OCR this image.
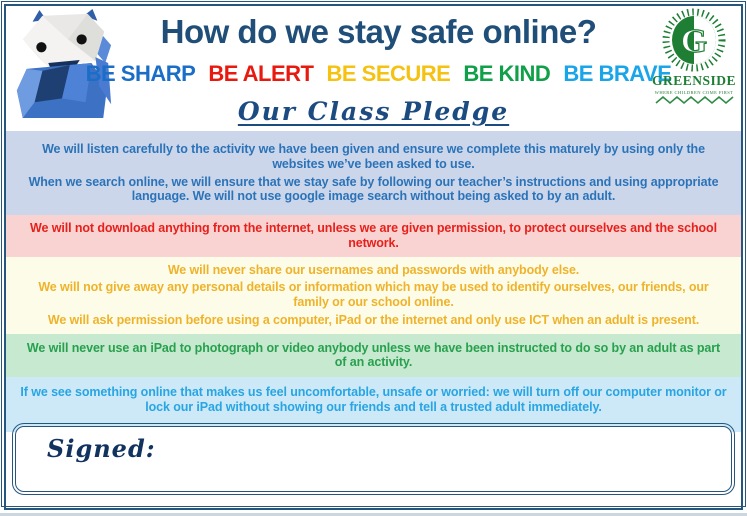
How do we stay safe online?
BE SHARP BE ALERT BE SECURE BE KIND BE BRAVE
Our Class Pledge
G
GREENSIDE
WHERE CHILDREN COME FIRST

We will listen carefully to the activity we have been given and ensure we complete this maturely by using only the websites we’ve been asked to use.

When we search online, we will ensure that we stay safe by following our teacher’s instructions and using appropriate language. We will not use google image search without being asked to by an adult.

We will not download anything from the internet, unless we are given permission, to protect ourselves and the school network.

We will never share our usernames and passwords with anybody else.

We will not give away any personal details or information which may be used to identify ourselves, our friends, our family or our school online.

We will ask permission before using a computer, iPad or the internet and only use ICT when an adult is present.

We will never use an iPad to photograph or video anybody unless we have been instructed to do so by an adult as part of an activity.

If we see something online that makes us feel uncomfortable, unsafe or worried: we will turn off our computer monitor or lock our iPad without showing our friends and tell a trusted adult immediately.

Signed:
